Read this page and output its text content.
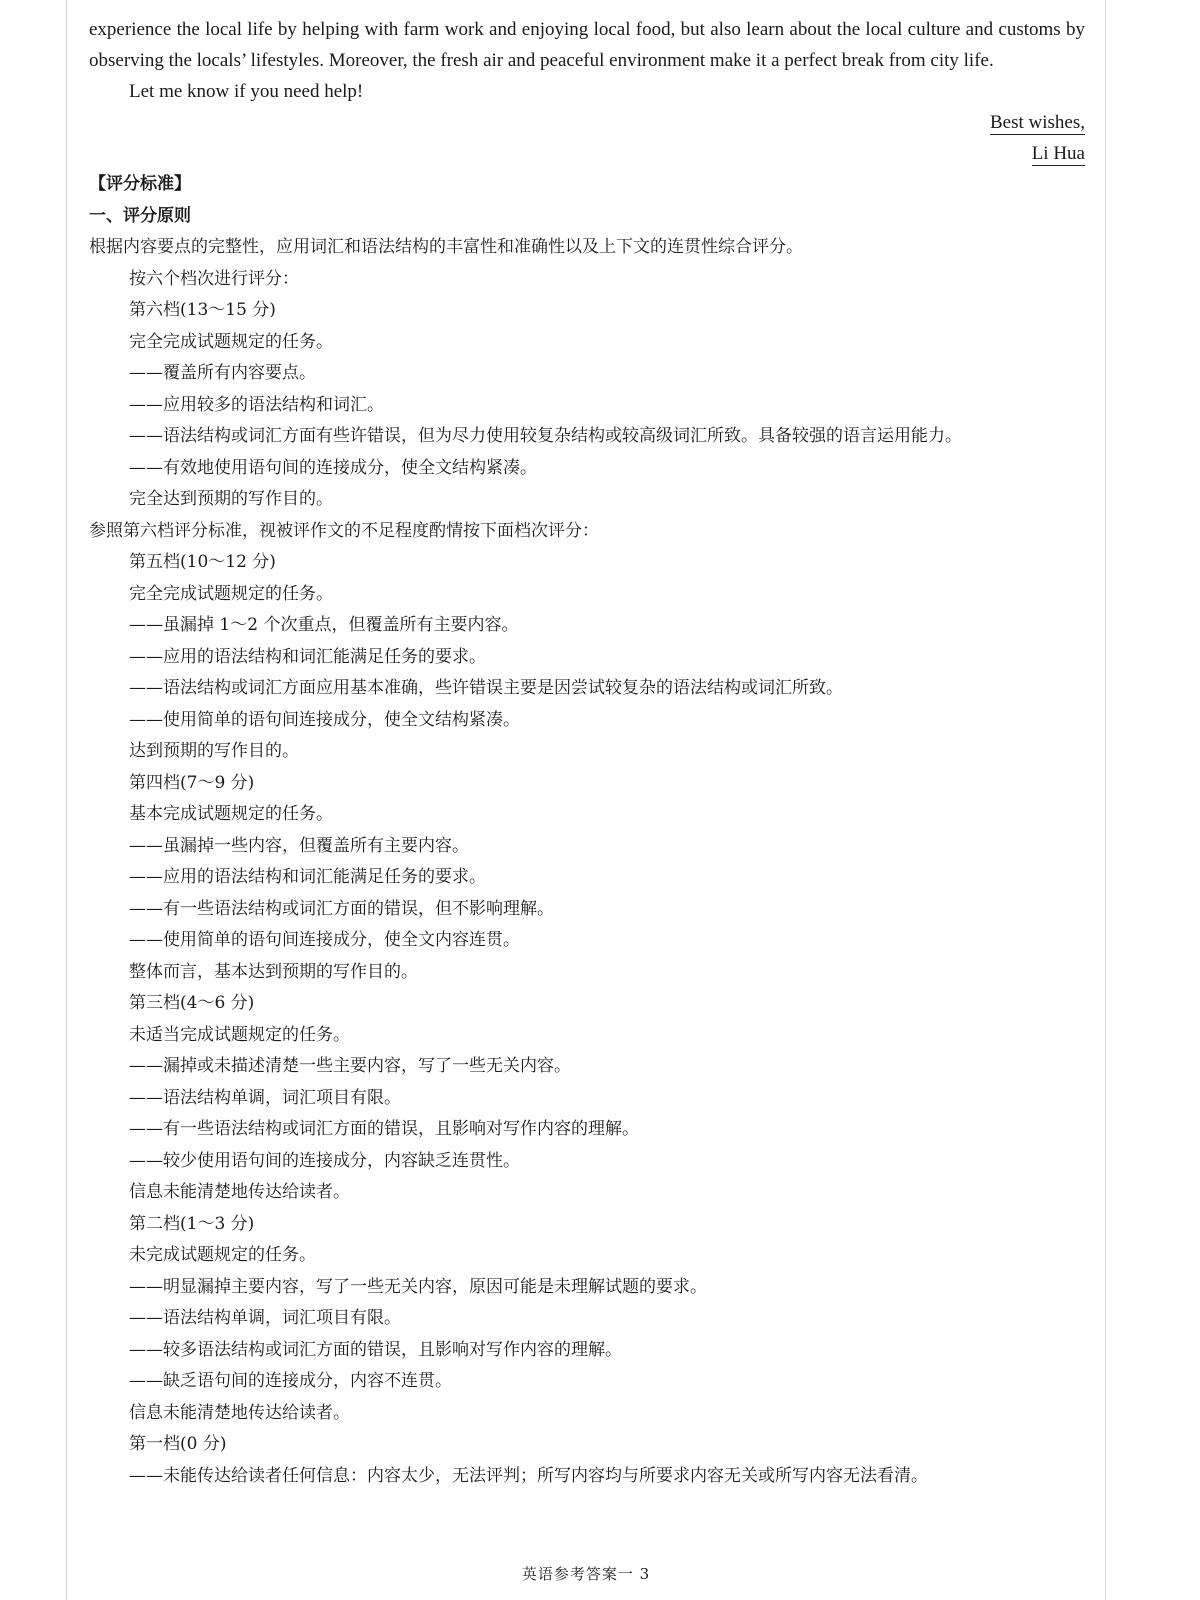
experience the local life by helping with farm work and enjoying local food, but also learn about the local culture and customs by observing the locals’ lifestyles. Moreover, the fresh air and peaceful environment make it a perfect break from city life.

Let me know if you need help!

Best wishes,
Li Hua

【评分标准】

一、评分原则

根据内容要点的完整性，应用词汇和语法结构的丰富性和准确性以及上下文的连贯性综合评分。

按六个档次进行评分：

第六档(13～15 分)

完全完成试题规定的任务。

——覆盖所有内容要点。

——应用较多的语法结构和词汇。

——语法结构或词汇方面有些许错误，但为尽力使用较复杂结构或较高级词汇所致。具备较强的语言运用能力。

——有效地使用语句间的连接成分，使全文结构紧凑。

完全达到预期的写作目的。

参照第六档评分标准，视被评作文的不足程度酌情按下面档次评分：

第五档(10～12 分)

完全完成试题规定的任务。

——虽漏掉 1～2 个次重点，但覆盖所有主要内容。

——应用的语法结构和词汇能满足任务的要求。

——语法结构或词汇方面应用基本准确，些许错误主要是因尝试较复杂的语法结构或词汇所致。

——使用简单的语句间连接成分，使全文结构紧凑。

达到预期的写作目的。

第四档(7～9 分)

基本完成试题规定的任务。

——虽漏掉一些内容，但覆盖所有主要内容。

——应用的语法结构和词汇能满足任务的要求。

——有一些语法结构或词汇方面的错误，但不影响理解。

——使用简单的语句间连接成分，使全文内容连贯。

整体而言，基本达到预期的写作目的。

第三档(4～6 分)

未适当完成试题规定的任务。

——漏掉或未描述清楚一些主要内容，写了一些无关内容。

——语法结构单调，词汇项目有限。

——有一些语法结构或词汇方面的错误，且影响对写作内容的理解。

——较少使用语句间的连接成分，内容缺乏连贯性。

信息未能清楚地传达给读者。

第二档(1～3 分)

未完成试题规定的任务。

——明显漏掉主要内容，写了一些无关内容，原因可能是未理解试题的要求。

——语法结构单调，词汇项目有限。

——较多语法结构或词汇方面的错误，且影响对写作内容的理解。

——缺乏语句间的连接成分，内容不连贯。

信息未能清楚地传达给读者。

第一档(0 分)

——未能传达给读者任何信息：内容太少，无法评判；所写内容均与所要求内容无关或所写内容无法看清。

英语参考答案一 3
